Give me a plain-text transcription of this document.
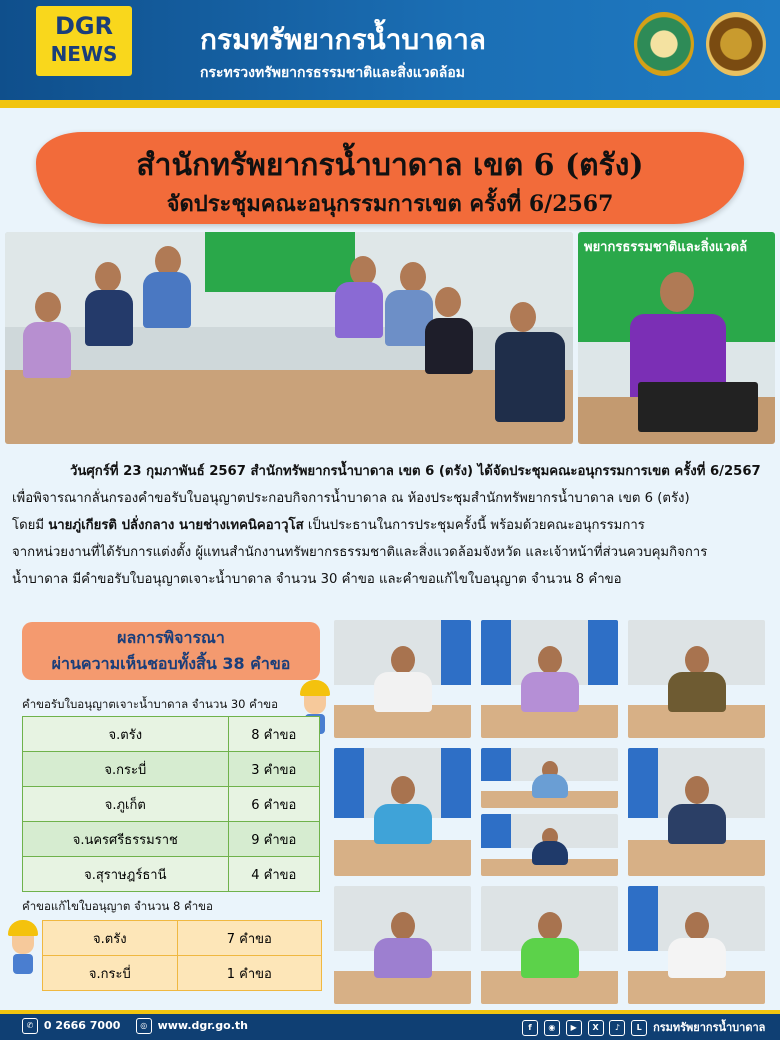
DGR
NEWS	กรมทรัพยากรน้ำบาดาล
กระทรวงทรัพยากรธรรมชาติและสิ่งแวดล้อม
สำนักทรัพยากรน้ำบาดาล เขต 6 (ตรัง)
จัดประชุมคณะอนุกรรมการเขต ครั้งที่ 6/2567
พยากรธรรมชาติและสิ่งแวดล้

วันศุกร์ที่ 23 กุมภาพันธ์ 2567 สำนักทรัพยากรน้ำบาดาล เขต 6 (ตรัง) ได้จัดประชุมคณะอนุกรรมการเขต ครั้งที่ 6/2567

เพื่อพิจารณากลั่นกรองคำขอรับใบอนุญาตประกอบกิจการน้ำบาดาล ณ ห้องประชุมสำนักทรัพยากรน้ำบาดาล เขต 6 (ตรัง)

โดยมี นายภู่เกียรติ ปลั่งกลาง นายช่างเทคนิคอาวุโส เป็นประธานในการประชุมครั้งนี้ พร้อมด้วยคณะอนุกรรมการ

จากหน่วยงานที่ได้รับการแต่งตั้ง ผู้แทนสำนักงานทรัพยากรธรรมชาติและสิ่งแวดล้อมจังหวัด และเจ้าหน้าที่ส่วนควบคุมกิจการ

น้ำบาดาล มีคำขอรับใบอนุญาตเจาะน้ำบาดาล จำนวน 30 คำขอ และคำขอแก้ไขใบอนุญาต จำนวน 8 คำขอ

ผลการพิจารณา
ผ่านความเห็นชอบทั้งสิ้น 38 คำขอ
คำขอรับใบอนุญาตเจาะน้ำบาดาล จำนวน 30 คำขอ
จ.ตรัง	8 คำขอ
จ.กระบี่	3 คำขอ
จ.ภูเก็ต	6 คำขอ
จ.นครศรีธรรมราช	9 คำขอ
จ.สุราษฎร์ธานี	4 คำขอ
คำขอแก้ไขใบอนุญาต จำนวน 8 คำขอ
จ.ตรัง	7 คำขอ
จ.กระบี่	1 คำขอ
✆ 0 2666 7000 ◎ www.dgr.go.th	f ◉ ▶ X ♪ L กรมทรัพยากรน้ำบาดาล
